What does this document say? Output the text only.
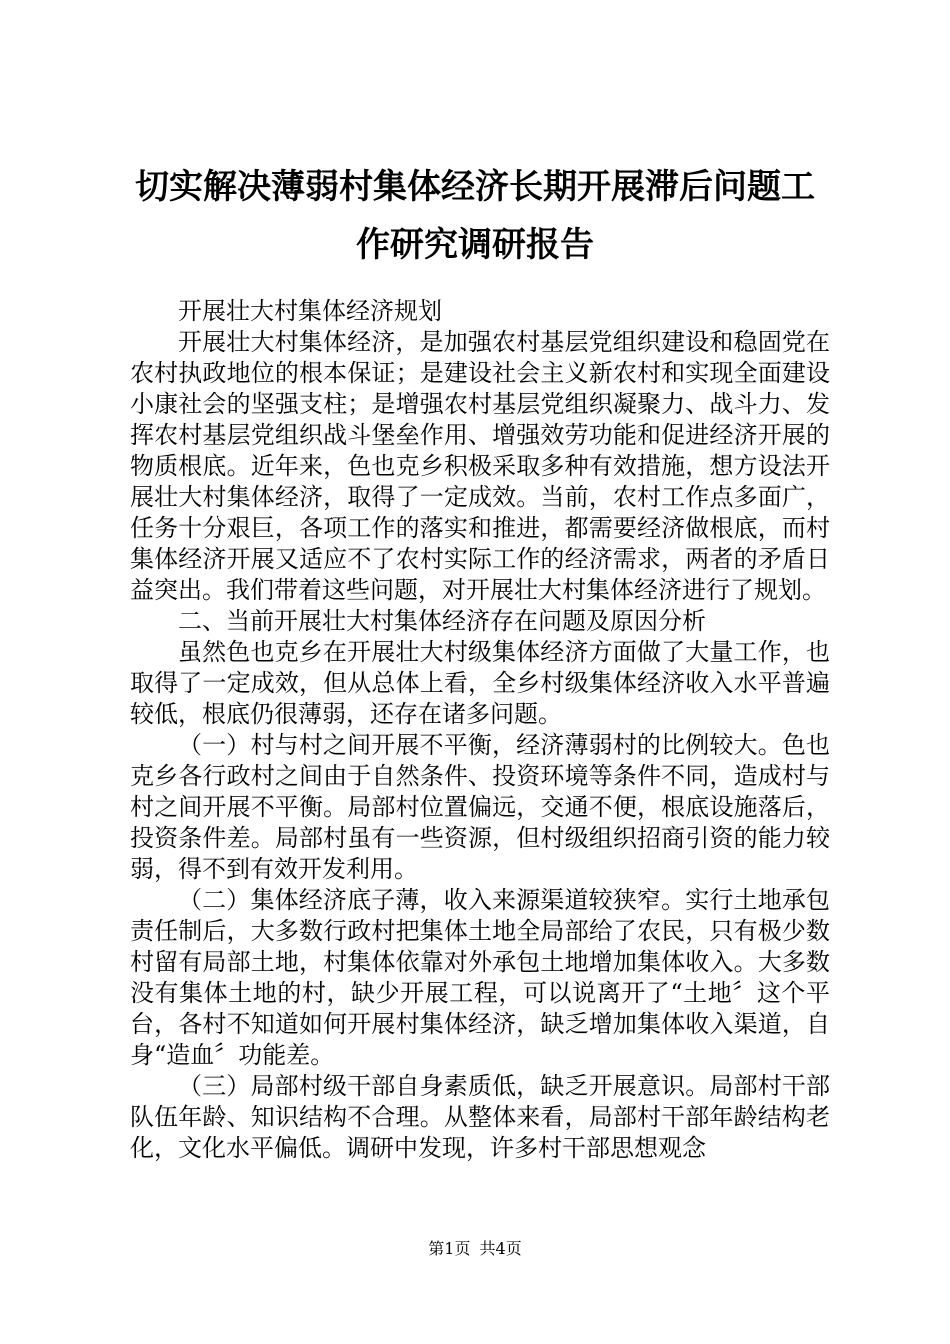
切实解决薄弱村集体经济长期开展滞后问题工
作研究调研报告

开展壮大村集体经济规划

开展壮大村集体经济，是加强农村基层党组织建设和稳固党在农村执政地位的根本保证；是建设社会主义新农村和实现全面建设小康社会的坚强支柱；是增强农村基层党组织凝聚力、战斗力、发挥农村基层党组织战斗堡垒作用、增强效劳功能和促进经济开展的物质根底。近年来，色也克乡积极采取多种有效措施，想方设法开展壮大村集体经济，取得了一定成效。当前，农村工作点多面广，任务十分艰巨，各项工作的落实和推进，都需要经济做根底，而村集体经济开展又适应不了农村实际工作的经济需求，两者的矛盾日益突出。我们带着这些问题，对开展壮大村集体经济进行了规划。

二、当前开展壮大村集体经济存在问题及原因分析

虽然色也克乡在开展壮大村级集体经济方面做了大量工作，也取得了一定成效，但从总体上看，全乡村级集体经济收入水平普遍较低，根底仍很薄弱，还存在诸多问题。

（一）村与村之间开展不平衡，经济薄弱村的比例较大。色也克乡各行政村之间由于自然条件、投资环境等条件不同，造成村与村之间开展不平衡。局部村位置偏远，交通不便，根底设施落后，投资条件差。局部村虽有一些资源，但村级组织招商引资的能力较弱，得不到有效开发利用。

（二）集体经济底子薄，收入来源渠道较狭窄。实行土地承包责任制后，大多数行政村把集体土地全局部给了农民，只有极少数村留有局部土地，村集体依靠对外承包土地增加集体收入。大多数没有集体土地的村，缺少开展工程，可以说离开了“土地〞这个平台，各村不知道如何开展村集体经济，缺乏增加集体收入渠道，自身“造血〞功能差。

（三）局部村级干部自身素质低，缺乏开展意识。局部村干部队伍年龄、知识结构不合理。从整体来看，局部村干部年龄结构老化，文化水平偏低。调研中发现，许多村干部思想观念

第1页 共4页
